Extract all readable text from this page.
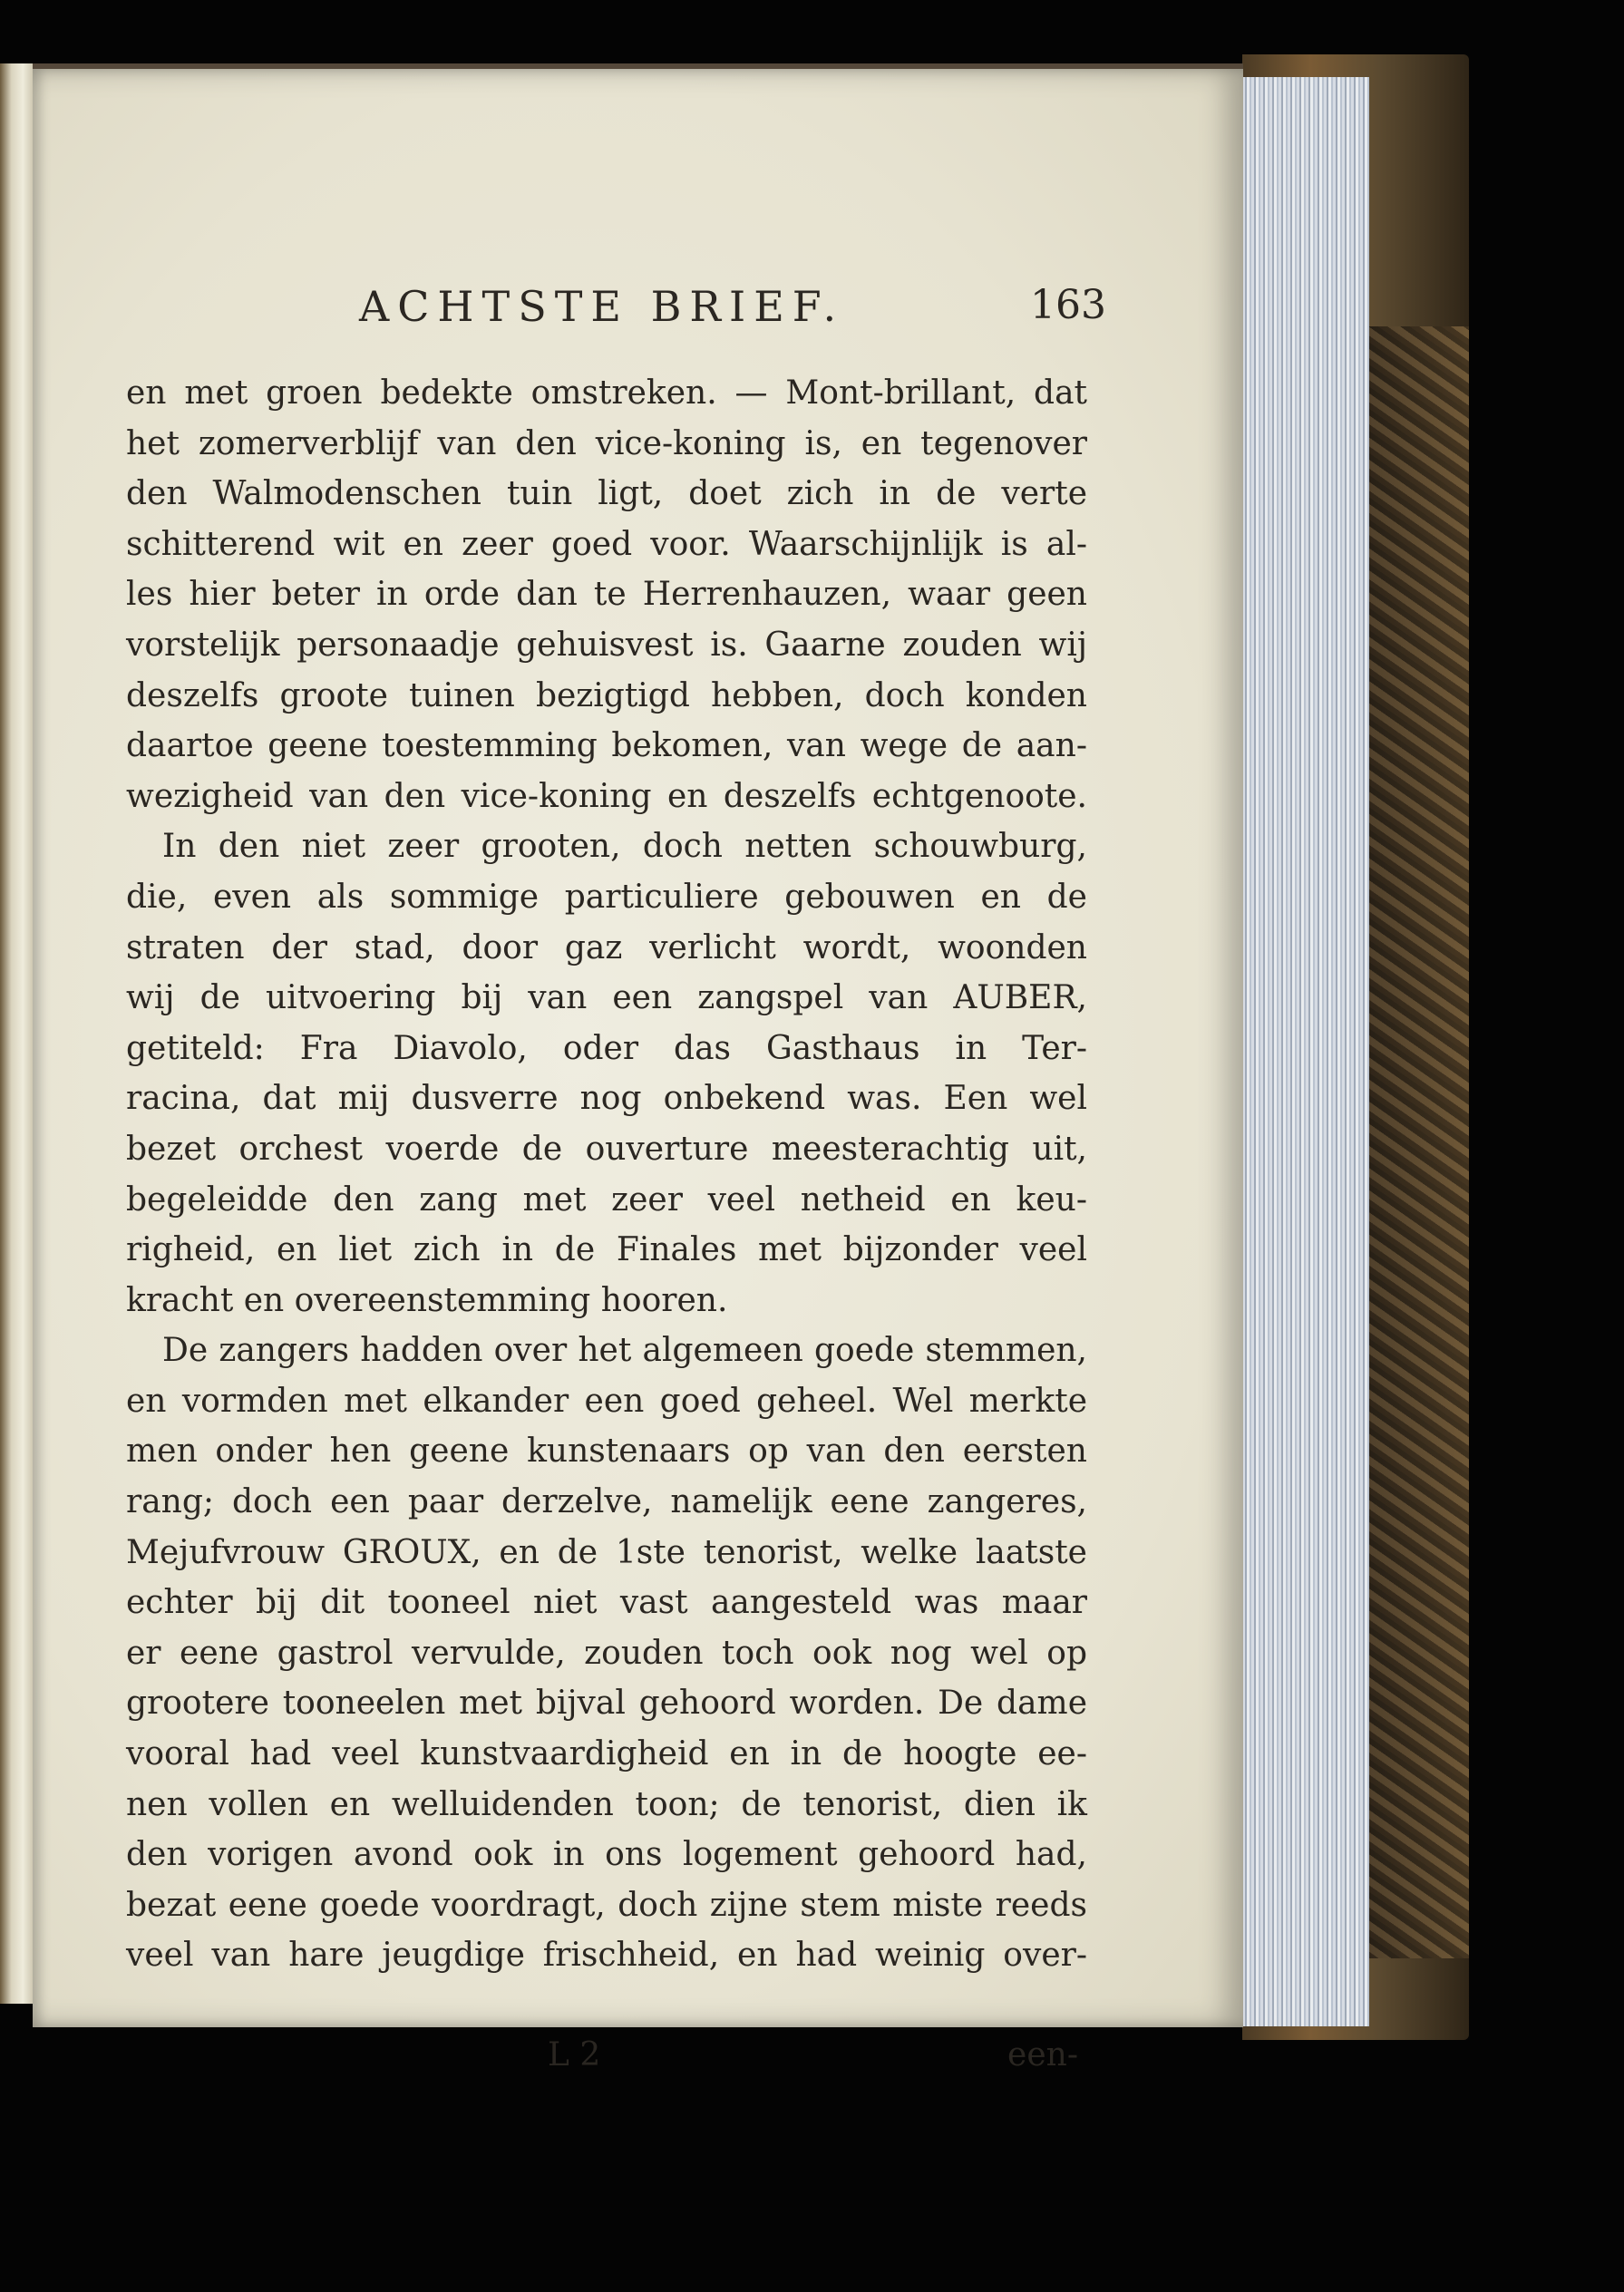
ACHTSTE BRIEF.	163
en met groen bedekte omstreken. — Mont-brillant, dat
het zomerverblijf van den vice-koning is, en tegenover
den Walmodenschen tuin ligt, doet zich in de verte
schitterend wit en zeer goed voor. Waarschijnlijk is al-
les hier beter in orde dan te Herrenhauzen, waar geen
vorstelijk personaadje gehuisvest is. Gaarne zouden wij
deszelfs groote tuinen bezigtigd hebben, doch konden
daartoe geene toestemming bekomen, van wege de aan-
wezigheid van den vice-koning en deszelfs echtgenoote.
In den niet zeer grooten, doch netten schouwburg,
die, even als sommige particuliere gebouwen en de
straten der stad, door gaz verlicht wordt, woonden
wij de uitvoering bij van een zangspel van AUBER,
getiteld: Fra Diavolo, oder das Gasthaus in Ter-
racina, dat mij dusverre nog onbekend was. Een wel
bezet orchest voerde de ouverture meesterachtig uit,
begeleidde den zang met zeer veel netheid en keu-
righeid, en liet zich in de Finales met bijzonder veel
kracht en overeenstemming hooren.
De zangers hadden over het algemeen goede stemmen,
en vormden met elkander een goed geheel. Wel merkte
men onder hen geene kunstenaars op van den eersten
rang; doch een paar derzelve, namelijk eene zangeres,
Mejufvrouw GROUX, en de 1ste tenorist, welke laatste
echter bij dit tooneel niet vast aangesteld was maar
er eene gastrol vervulde, zouden toch ook nog wel op
grootere tooneelen met bijval gehoord worden. De dame
vooral had veel kunstvaardigheid en in de hoogte ee-
nen vollen en welluidenden toon; de tenorist, dien ik
den vorigen avond ook in ons logement gehoord had,
bezat eene goede voordragt, doch zijne stem miste reeds
veel van hare jeugdige frischheid, en had weinig over-
L 2	een-
